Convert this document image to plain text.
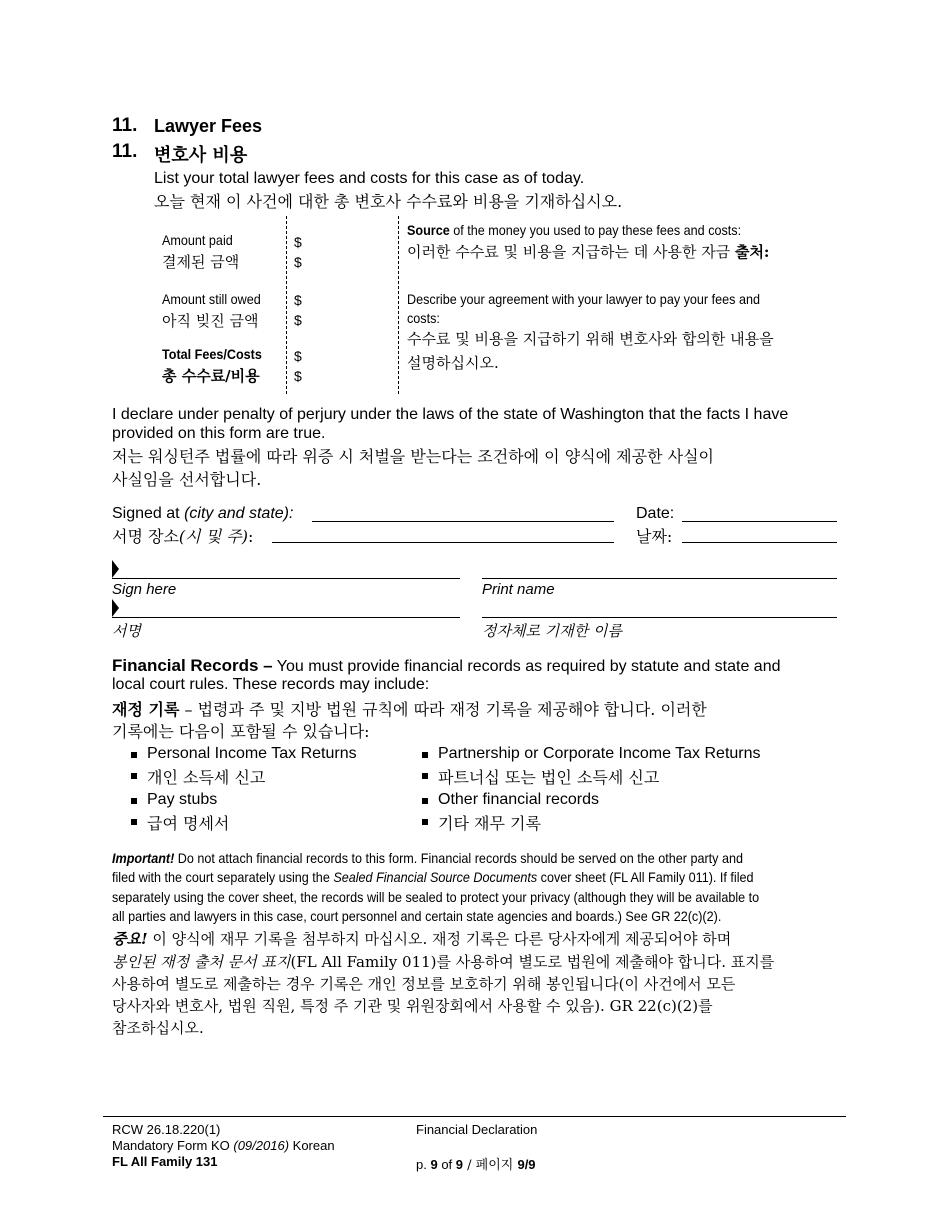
11. Lawyer Fees
11. 변호사 비용
List your total lawyer fees and costs for this case as of today.
오늘 현재 이 사건에 대한 총 변호사 수수료와 비용을 기재하십시오.
Amount paid
결제된 금액
$
$
Amount still owed
아직 빚진 금액
$
$
Total Fees/Costs
총 수수료/비용
$
$
Source of the money you used to pay these fees and costs:
이러한 수수료 및 비용을 지급하는 데 사용한 자금 출처:
Describe your agreement with your lawyer to pay your fees and
costs:
수수료 및 비용을 지급하기 위해 변호사와 합의한 내용을
설명하십시오.
I declare under penalty of perjury under the laws of the state of Washington that the facts I have
provided on this form are true.
저는 워싱턴주 법률에 따라 위증 시 처벌을 받는다는 조건하에 이 양식에 제공한 사실이
사실임을 선서합니다.
Signed at (city and state):
서명 장소(시 및 주):
Date:
날짜:
Sign here	Print name
서명	정자체로 기재한 이름
Financial Records – You must provide financial records as required by statute and state and
local court rules. These records may include:
재정 기록 – 법령과 주 및 지방 법원 규칙에 따라 재정 기록을 제공해야 합니다. 이러한
기록에는 다음이 포함될 수 있습니다:
Personal Income Tax Returns
개인 소득세 신고
Partnership or Corporate Income Tax Returns
파트너십 또는 법인 소득세 신고
Pay stubs
급여 명세서
Other financial records
기타 재무 기록
Important! Do not attach financial records to this form. Financial records should be served on the other party and
filed with the court separately using the Sealed Financial Source Documents cover sheet (FL All Family 011). If filed
separately using the cover sheet, the records will be sealed to protect your privacy (although they will be available to
all parties and lawyers in this case, court personnel and certain state agencies and boards.) See GR 22(c)(2).
중요! 이 양식에 재무 기록을 첨부하지 마십시오. 재정 기록은 다른 당사자에게 제공되어야 하며
봉인된 재정 출처 문서 표지(FL All Family 011)를 사용하여 별도로 법원에 제출해야 합니다. 표지를
사용하여 별도로 제출하는 경우 기록은 개인 정보를 보호하기 위해 봉인됩니다(이 사건에서 모든
당사자와 변호사, 법원 직원, 특정 주 기관 및 위원장회에서 사용할 수 있음). GR 22(c)(2)를
참조하십시오.
RCW 26.18.220(1)
Mandatory Form KO (09/2016) Korean
FL All Family 131
Financial Declaration
p. 9 of 9 / 페이지 9/9
